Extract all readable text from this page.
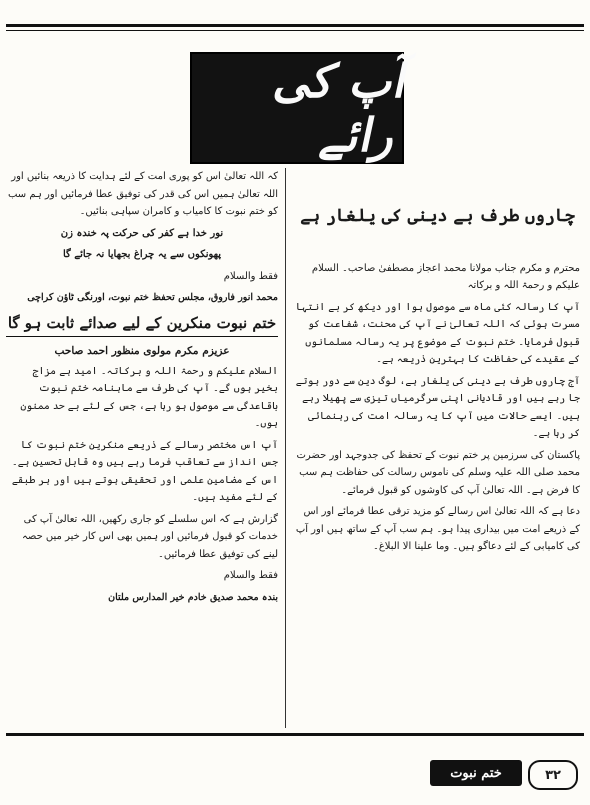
آپ کی رائے
چاروں طرف بے دینی کی یلغار ہے

محترم و مکرم جناب مولانا محمد اعجاز مصطفیٰ صاحب۔ السلام علیکم و رحمۃ اللہ و برکاتہ

آپ کا رسالہ کئی ماہ سے موصول ہوا اور دیکھ کر بے انتہا مسرت ہوئی کہ اللہ تعالیٰ نے آپ کی محنت، شفاعت کو قبول فرمایا۔ ختم نبوت کے موضوع پر یہ رسالہ مسلمانوں کے عقیدے کی حفاظت کا بہترین ذریعہ ہے۔

آج چاروں طرف بے دینی کی یلغار ہے، لوگ دین سے دور ہوتے جا رہے ہیں اور قادیانی اپنی سرگرمیاں تیزی سے پھیلا رہے ہیں۔ ایسے حالات میں آپ کا یہ رسالہ امت کی رہنمائی کر رہا ہے۔

پاکستان کی سرزمین پر ختم نبوت کے تحفظ کی جدوجہد اور حضرت محمد صلی اللہ علیہ وسلم کی ناموس رسالت کی حفاظت ہم سب کا فرض ہے۔ اللہ تعالیٰ آپ کی کاوشوں کو قبول فرمائے۔

دعا ہے کہ اللہ تعالیٰ اس رسالے کو مزید ترقی عطا فرمائے اور اس کے ذریعے امت میں بیداری پیدا ہو۔ ہم سب آپ کے ساتھ ہیں اور آپ کی کامیابی کے لئے دعاگو ہیں۔ وما علینا الا البلاغ۔

کہ اللہ تعالیٰ اس کو پوری امت کے لئے ہدایت کا ذریعہ بنائیں اور اللہ تعالیٰ ہمیں اس کی قدر کی توفیق عطا فرمائیں اور ہم سب کو ختم نبوت کا کامیاب و کامران سپاہی بنائیں۔

نور خدا ہے کفر کی حرکت پہ خندہ زن

پھونکوں سے یہ چراغ بجھایا نہ جائے گا

فقط والسلام

محمد انور فاروق، مجلس تحفظ ختم نبوت، اورنگی ٹاؤن کراچی

ختم نبوت منکرین کے لیے صدائے ثابت ہو گا
عزیزم مکرم مولوی منظور احمد صاحب

السلام علیکم و رحمۃ اللہ و برکاتہ۔ امید ہے مزاج بخیر ہوں گے۔ آپ کی طرف سے ماہنامہ ختم نبوت باقاعدگی سے موصول ہو رہا ہے، جس کے لئے بے حد ممنون ہوں۔

آپ اس مختصر رسالے کے ذریعے منکرین ختم نبوت کا جس انداز سے تعاقب فرما رہے ہیں وہ قابل تحسین ہے۔ اس کے مضامین علمی اور تحقیقی ہوتے ہیں اور ہر طبقے کے لئے مفید ہیں۔

گزارش ہے کہ اس سلسلے کو جاری رکھیں، اللہ تعالیٰ آپ کی خدمات کو قبول فرمائیں اور ہمیں بھی اس کار خیر میں حصہ لینے کی توفیق عطا فرمائیں۔

فقط والسلام

بندہ محمد صدیق خادم خیر المدارس ملتان

ختم نبوت	۳۲
